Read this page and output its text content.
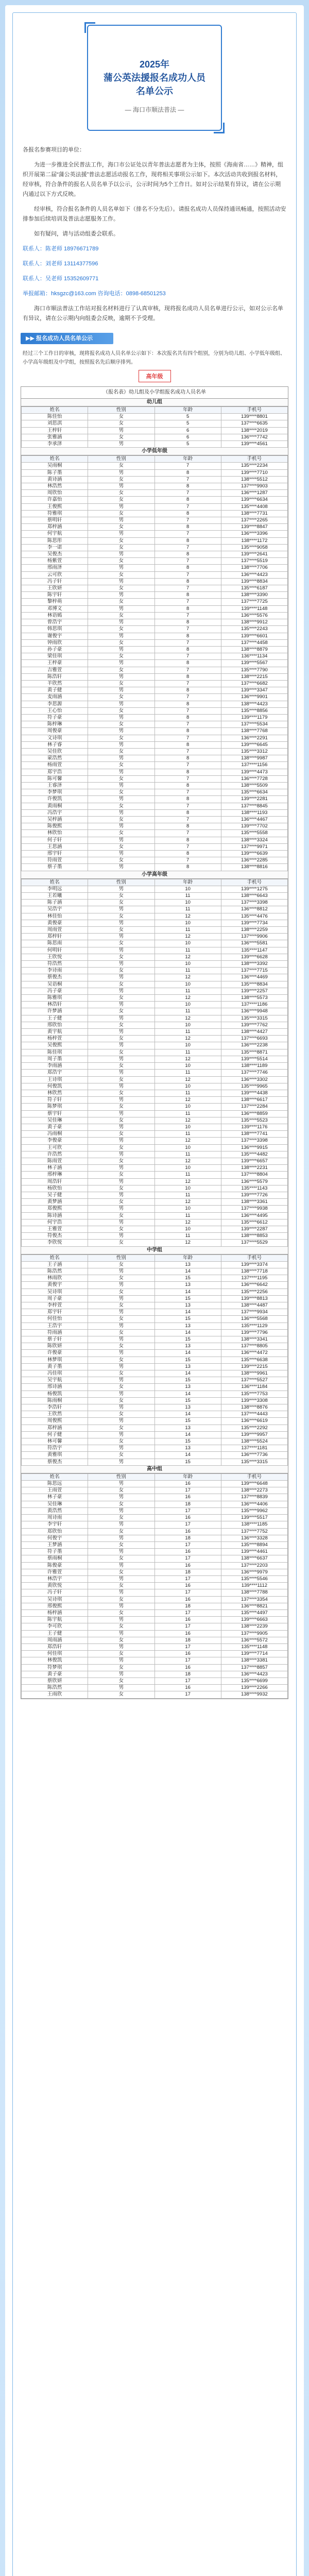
2025年

蒲公英法援报名成功人员

名单公示

— 海口市顺法普法 —

各报名参赛项目的单位：

为进一步推进全民普法工作，海口市公证处以青年普法志愿者为主体，按照《海南省……》精神，组织开展第二届“蒲公英法援”普法志愿活动报名工作，现将相关事项公示如下。本次活动共收到报名材料，经审核，符合条件的报名人员名单予以公示，公示时间为5个工作日。如对公示结果有异议，请在公示期内通过以下方式反映。

经审核，符合报名条件的人员名单如下（排名不分先后）。请报名成功人员保持通讯畅通，按照活动安排参加后续培训及普法志愿服务工作。

如有疑问，请与活动组委会联系。

联系人：陈老师 18976671789

联系人：刘老师 13114377596

联系人：吴老师 15352609771

举报邮箱：hksgzc@163.com 咨询电话：0898-68501253

海口市顺法普法工作站对报名材料进行了认真审核，现将报名成功人员名单进行公示，如对公示名单有异议，请在公示期内向组委会反映，逾期不予受理。

▶▶ 报名成功人员名单公示
经过三个工作日的审核，现将报名成功人员名单公示如下：本次报名共有四个组别，分别为幼儿组、小学低年级组、小学高年级组及中学组，按照报名先后顺序排列。
高年级
（报名表）幼儿组及小学组报名成功人员名单
幼儿组
姓名	性别	年龄	手机号
陈佳怡	女	5	139****8801
刘思淇	女	5	137****6635
王梓轩	男	6	138****2019
张雅涵	女	6	136****7742
李承泽	男	5	139****4561
小学低年级
姓名	性别	年龄	手机号
吴雨桐	女	7	135****2234
陈子墨	男	8	139****7710
黄诗涵	女	7	138****5512
林浩然	男	8	137****9903
周欣怡	女	7	136****1287
许嘉怡	女	8	139****6634
王俊熙	男	7	135****4408
符雅琪	女	8	138****7731
蔡明轩	男	7	137****2265
郑梓涵	女	8	139****8847
何宇航	男	7	136****3396
陈思彤	女	8	138****1172
李一诺	女	7	135****9058
吴俊杰	男	8	139****2641
杨紫萱	女	7	137****5519
邢雨泽	男	8	138****7706
云可欣	女	7	136****4423
冯子轩	男	8	139****8834
王欣妍	女	7	135****6187
陈宇轩	男	8	138****3390
黎梓萌	女	7	137****7725
邓博文	男	8	139****1148
林语嫣	女	7	136****5576
曾浩宇	男	8	138****9912
韩思琪	女	7	135****2243
谢俊宇	男	8	139****6601
钟雨欣	女	7	137****4458
孙子豪	男	8	138****8879
梁佳琪	女	7	136****1134
王梓豪	男	8	139****5567
吉雅萱	女	7	135****7790
陈浩轩	男	8	138****2215
羊欣然	女	7	137****6682
黄子健	男	8	139****3347
麦雨涵	女	7	136****9901
李思源	男	8	138****4423
王心怡	女	7	135****8856
符子豪	男	8	139****1179
陈梓琳	女	7	137****5534
周俊豪	男	8	138****7768
文诗琪	女	7	136****2291
林子睿	男	8	139****6645
吴佳欣	女	7	135****3312
蒙浩然	男	8	138****9987
杨雨萱	女	7	137****1156
郑宇浩	男	8	139****4473
陈可馨	女	7	136****7728
王睿泽	男	8	138****5509
李梦琪	女	7	135****6634
许俊凯	男	8	139****2281
黄雨桐	女	7	137****8845
冯浩宇	男	8	138****1193
吴梓涵	女	7	136****4467
陈俊熙	男	8	139****7702
林欣怡	女	7	135****5558
何子轩	男	8	138****3324
王思涵	女	7	137****9971
邢宇轩	男	8	139****6639
符雨萱	女	7	136****2285
蔡子墨	男	8	138****8816
小学高年级
姓名	性别	年龄	手机号
李明远	男	10	139****1275
王若曦	女	11	138****6643
陈子涵	女	10	137****3398
吴浩宇	男	11	136****8812
林佳怡	女	12	135****4476
黄俊豪	男	10	139****7734
周雨萱	女	11	138****2259
郑梓轩	男	12	137****9906
陈思雨	女	10	136****5581
何明轩	男	11	135****1147
王欣悦	女	12	139****6628
符浩然	男	10	138****3392
李诗雨	女	11	137****7715
蔡俊杰	男	12	136****4469
吴语桐	女	10	135****8834
冯子豪	男	11	139****2257
陈雅琪	女	12	138****5573
林浩轩	男	10	137****1186
许梦涵	女	11	136****9948
王子健	男	12	135****3315
邢欣怡	女	10	139****7762
黄宇航	男	11	138****4427
杨梓萱	女	12	137****6693
吴俊熙	男	10	136****2238
陈佳琪	女	11	135****8871
周子墨	男	12	139****5514
李雨涵	女	10	138****1189
郑浩宇	男	11	137****7746
王诗琪	女	12	136****3302
何俊凯	男	10	135****9965
林欣然	女	11	139****4438
符子轩	男	12	138****6617
陈梦琪	女	10	137****2284
蔡宇轩	男	11	136****8859
吴佳琳	女	12	135****5523
黄子豪	男	10	139****1176
冯雨桐	女	11	138****7741
李俊豪	男	12	137****3398
王可欣	女	10	136****9915
许浩然	男	11	135****4482
陈雨萱	女	12	139****6657
林子涵	男	10	138****2231
邢梓琳	女	11	137****8804
周浩轩	男	12	136****5579
杨欣怡	女	10	135****1143
吴子健	男	11	139****7726
黄梦涵	女	12	138****3361
郑俊熙	男	10	137****9938
陈诗涵	女	11	136****4495
何宇浩	男	12	135****6612
王雅萱	女	10	139****2287
符俊杰	男	11	138****8853
李欣悦	女	12	137****5529
中学组
姓名	性别	年龄	手机号
王子涵	女	13	139****3374
陈浩然	男	14	138****7718
林雨欣	女	15	137****1195
黄俊宇	男	13	136****6642
吴诗琪	女	14	135****2256
周子豪	男	15	139****8813
李梓萱	女	13	138****4487
郑宇轩	男	14	137****9934
何佳怡	女	15	136****5568
王浩宇	男	13	135****1129
符雨涵	女	14	139****7796
蔡子轩	男	15	138****3341
陈欣妍	女	13	137****8805
许俊豪	男	14	136****4472
林梦琪	女	15	135****6638
黄子墨	男	13	139****2215
冯佳琪	女	14	138****9961
吴宇航	男	15	137****5527
邢诗涵	女	13	136****1184
杨俊凯	男	14	135****7753
陈雨桐	女	15	139****3308
李浩轩	男	13	138****8876
王欣然	女	14	137****4443
周俊熙	男	15	136****6619
郑梓涵	女	13	135****2292
何子健	男	14	139****9957
林可馨	女	15	138****5524
符浩宇	男	13	137****1181
黄雅琪	女	14	136****7736
蔡俊杰	男	15	135****3315
高中组
姓名	性别	年龄	手机号
陈思远	男	16	139****6648
王雨萱	女	17	138****2273
林子豪	男	16	137****8839
吴佳琳	女	18	136****4406
黄浩然	男	17	135****9962
周诗雨	女	16	139****5517
李宇轩	男	17	138****1185
郑欣怡	女	16	137****7752
何俊宇	男	18	136****3328
王梦涵	女	17	135****8894
符子墨	男	16	139****4461
蔡雨桐	女	17	138****6637
陈俊豪	男	16	137****2203
许雅萱	女	18	136****9979
林浩宇	男	17	135****5546
黄欣悦	女	16	139****1112
冯子轩	男	17	138****7788
吴诗琪	女	16	137****3354
邢俊熙	男	18	136****8821
杨梓涵	女	17	135****4497
陈宇航	男	16	139****6663
李可欣	女	17	138****2239
王子健	男	16	137****9905
周雨涵	女	18	136****5572
郑浩轩	男	17	135****1148
何佳琪	女	16	139****7714
林俊凯	男	17	138****3381
符梦琪	女	16	137****8857
黄子豪	男	18	136****4423
蔡欣妍	女	17	135****6699
陈浩然	男	16	139****2266
王雨欣	女	17	138****9932
